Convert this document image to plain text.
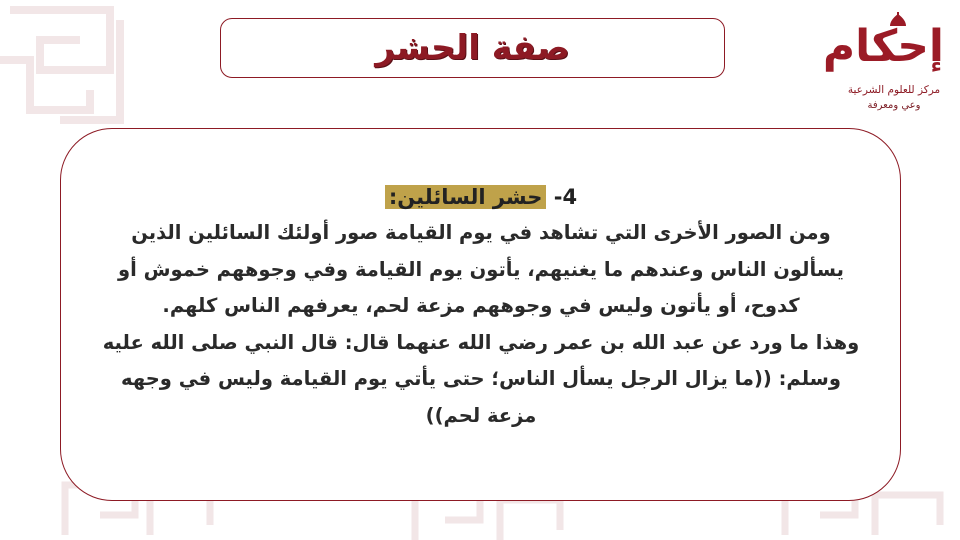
صفة الحشر	إحكام
مركز للعلوم الشرعية
وعي ومعرفة

4- حشر السائلين:

ومن الصور الأخرى التي تشاهد في يوم القيامة صور أولئك السائلين الذين يسألون الناس وعندهم ما يغنيهم، يأتون يوم القيامة وفي وجوههم خموش أو كدوح، أو يأتون وليس في وجوههم مزعة لحم، يعرفهم الناس كلهم.

وهذا ما ورد عن عبد الله بن عمر رضي الله عنهما قال: قال النبي صلى الله عليه وسلم: ((ما يزال الرجل يسأل الناس؛ حتى يأتي يوم القيامة وليس في وجهه مزعة لحم))
